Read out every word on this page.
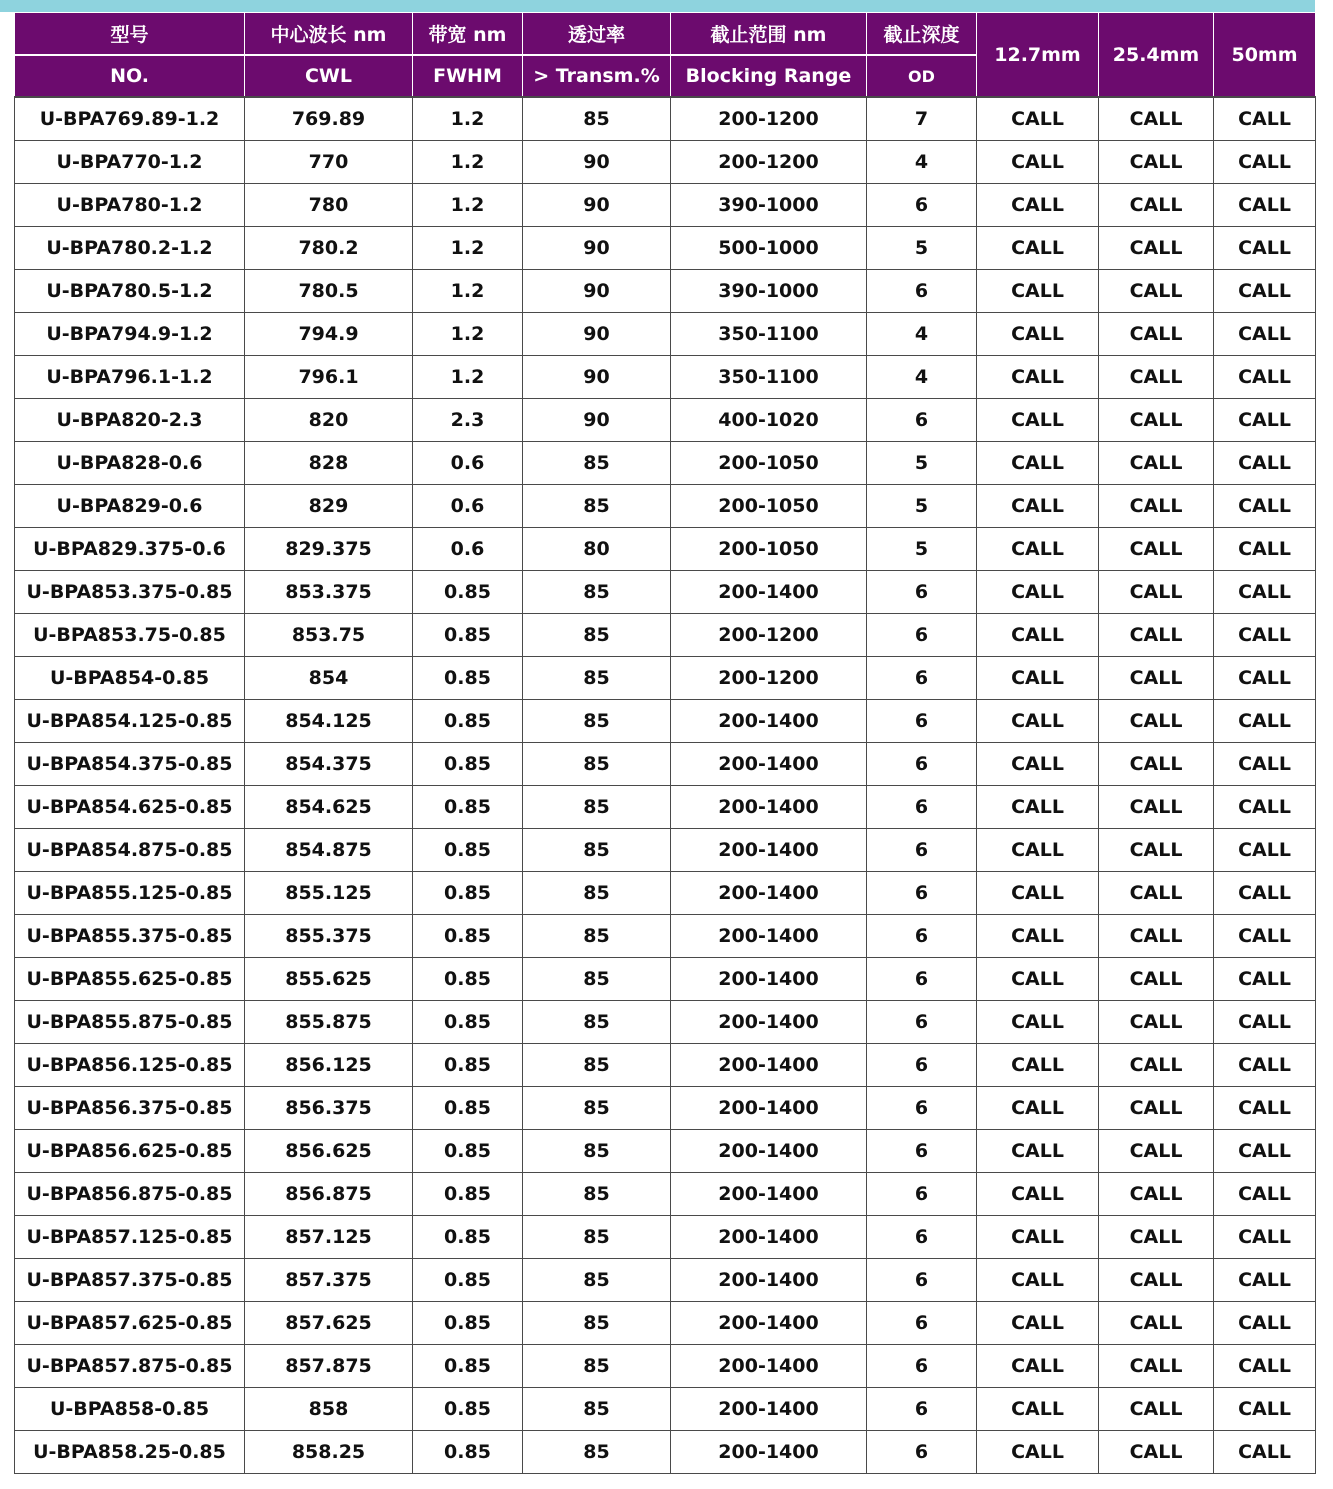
型号	中心波长 nm	带宽 nm	透过率	截止范围 nm	截止深度	12.7mm	25.4mm	50mm
NO.	CWL	FWHM	> Transm.%	Blocking Range	OD			
U-BPA769.89-1.2	769.89	1.2	85	200-1200	7	CALL	CALL	CALL
U-BPA770-1.2	770	1.2	90	200-1200	4	CALL	CALL	CALL
U-BPA780-1.2	780	1.2	90	390-1000	6	CALL	CALL	CALL
U-BPA780.2-1.2	780.2	1.2	90	500-1000	5	CALL	CALL	CALL
U-BPA780.5-1.2	780.5	1.2	90	390-1000	6	CALL	CALL	CALL
U-BPA794.9-1.2	794.9	1.2	90	350-1100	4	CALL	CALL	CALL
U-BPA796.1-1.2	796.1	1.2	90	350-1100	4	CALL	CALL	CALL
U-BPA820-2.3	820	2.3	90	400-1020	6	CALL	CALL	CALL
U-BPA828-0.6	828	0.6	85	200-1050	5	CALL	CALL	CALL
U-BPA829-0.6	829	0.6	85	200-1050	5	CALL	CALL	CALL
U-BPA829.375-0.6	829.375	0.6	80	200-1050	5	CALL	CALL	CALL
U-BPA853.375-0.85	853.375	0.85	85	200-1400	6	CALL	CALL	CALL
U-BPA853.75-0.85	853.75	0.85	85	200-1200	6	CALL	CALL	CALL
U-BPA854-0.85	854	0.85	85	200-1200	6	CALL	CALL	CALL
U-BPA854.125-0.85	854.125	0.85	85	200-1400	6	CALL	CALL	CALL
U-BPA854.375-0.85	854.375	0.85	85	200-1400	6	CALL	CALL	CALL
U-BPA854.625-0.85	854.625	0.85	85	200-1400	6	CALL	CALL	CALL
U-BPA854.875-0.85	854.875	0.85	85	200-1400	6	CALL	CALL	CALL
U-BPA855.125-0.85	855.125	0.85	85	200-1400	6	CALL	CALL	CALL
U-BPA855.375-0.85	855.375	0.85	85	200-1400	6	CALL	CALL	CALL
U-BPA855.625-0.85	855.625	0.85	85	200-1400	6	CALL	CALL	CALL
U-BPA855.875-0.85	855.875	0.85	85	200-1400	6	CALL	CALL	CALL
U-BPA856.125-0.85	856.125	0.85	85	200-1400	6	CALL	CALL	CALL
U-BPA856.375-0.85	856.375	0.85	85	200-1400	6	CALL	CALL	CALL
U-BPA856.625-0.85	856.625	0.85	85	200-1400	6	CALL	CALL	CALL
U-BPA856.875-0.85	856.875	0.85	85	200-1400	6	CALL	CALL	CALL
U-BPA857.125-0.85	857.125	0.85	85	200-1400	6	CALL	CALL	CALL
U-BPA857.375-0.85	857.375	0.85	85	200-1400	6	CALL	CALL	CALL
U-BPA857.625-0.85	857.625	0.85	85	200-1400	6	CALL	CALL	CALL
U-BPA857.875-0.85	857.875	0.85	85	200-1400	6	CALL	CALL	CALL
U-BPA858-0.85	858	0.85	85	200-1400	6	CALL	CALL	CALL
U-BPA858.25-0.85	858.25	0.85	85	200-1400	6	CALL	CALL	CALL
